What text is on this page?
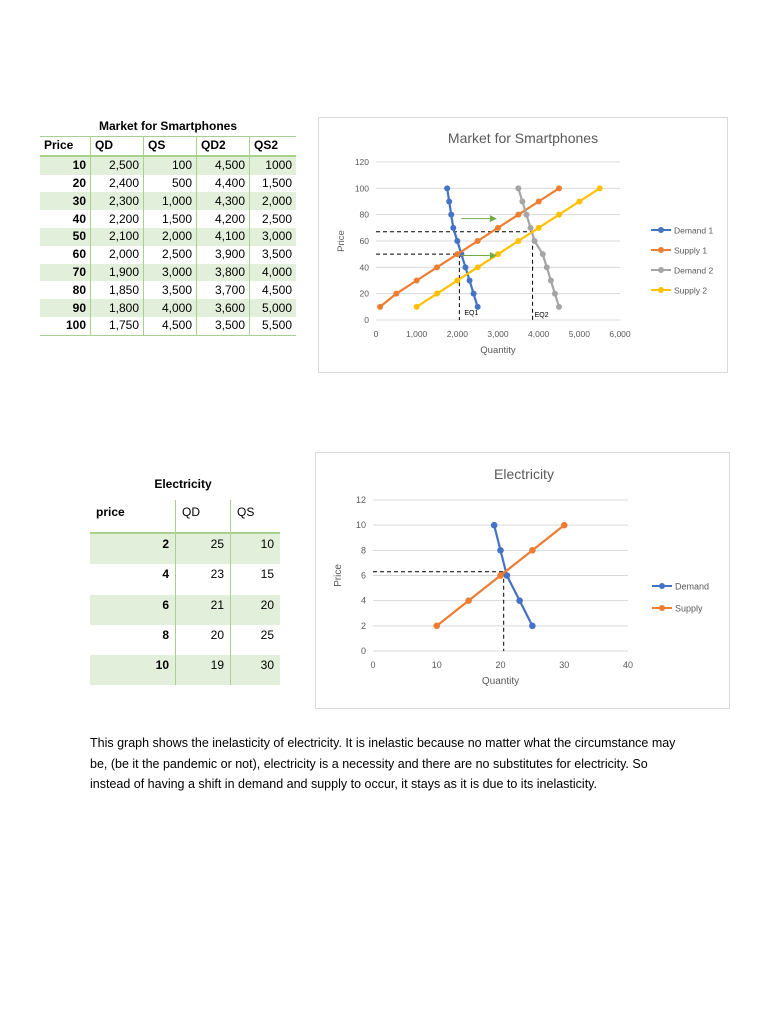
Market for Smartphones
Price	QD	QS	QD2	QS2
10	2,500	100	4,500	1000
20	2,400	500	4,400	1,500
30	2,300	1,000	4,300	2,000
40	2,200	1,500	4,200	2,500
50	2,100	2,000	4,100	3,000
60	2,000	2,500	3,900	3,500
70	1,900	3,000	3,800	4,000
80	1,850	3,500	3,700	4,500
90	1,800	4,000	3,600	5,000
100	1,750	4,500	3,500	5,500
Market for Smartphones
0
20
40
60
80
100
120
0	1,000 2,000 3,000 4,000 5,000 6,000
Quantity
Price	Demand 1
Supply 1
Demand 2
Supply 2
EQ1	EQ2
Electricity
price	QD	QS
2	25	10
4	23	15
6	21	20
8	20	25
10	19	30
Electricity
0
2
4
6
8
10
12
0	10	20	30	40
Quantity
Price	Demand
Supply
This graph shows the inelasticity of electricity. It is inelastic because no matter what the circumstance may be, (be it the pandemic or not), electricity is a necessity and there are no substitutes for electricity. So instead of having a shift in demand and supply to occur, it stays as it is due to its inelasticity.
